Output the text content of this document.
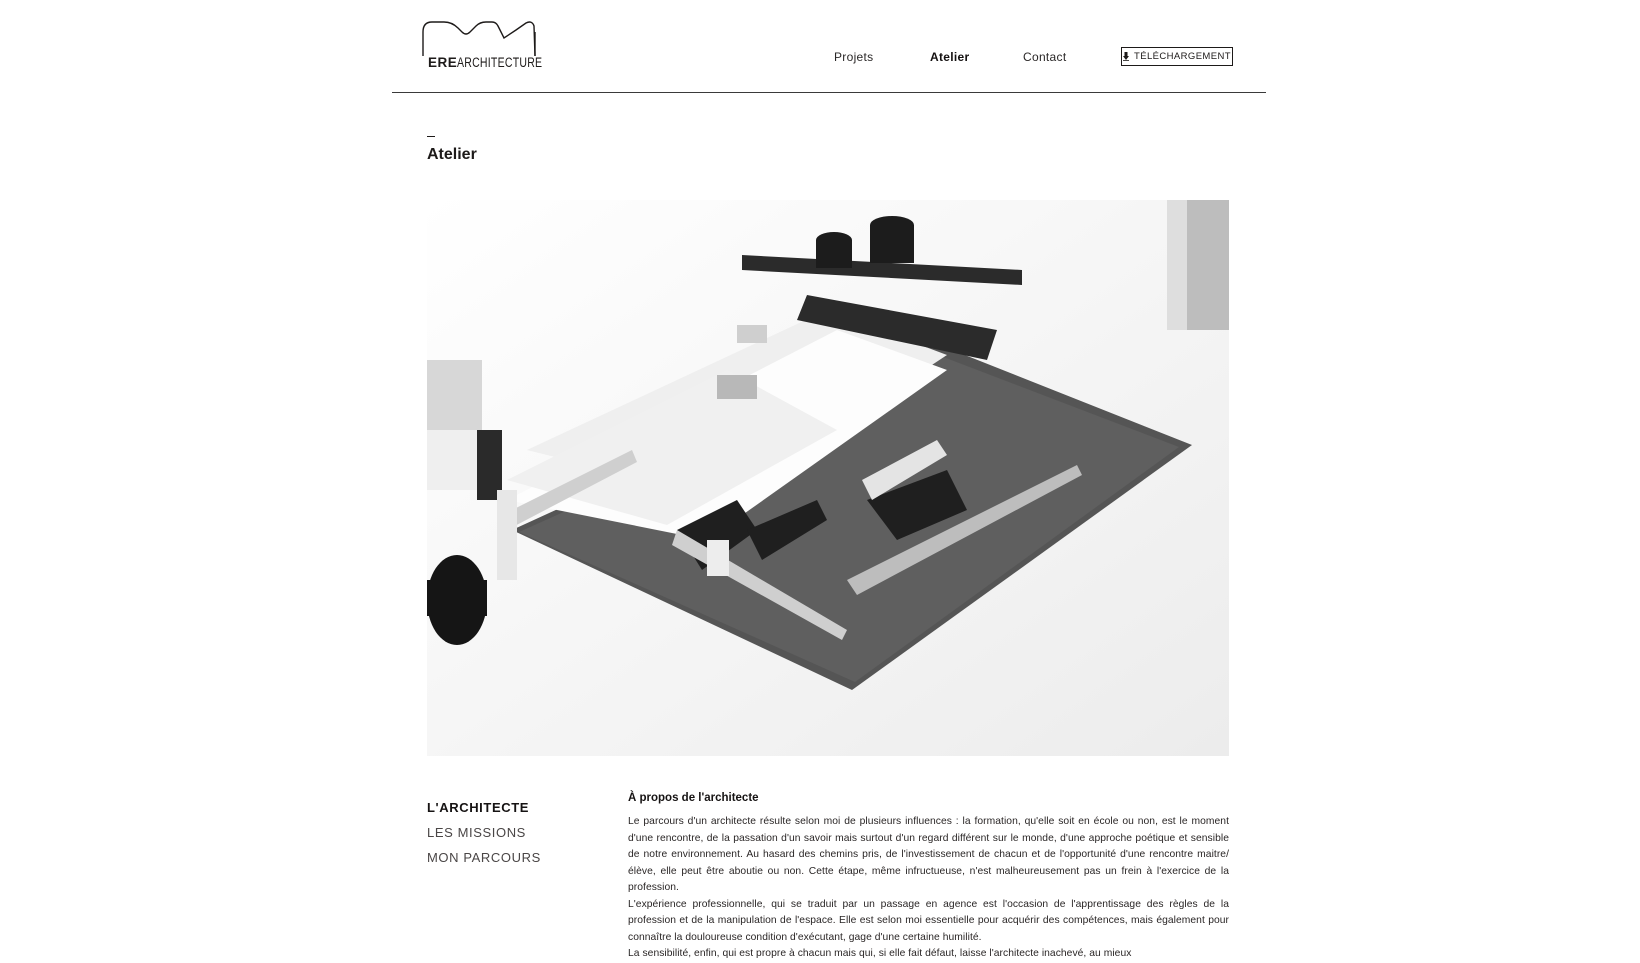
EREARCHITECTURE	Projets	Atelier	Contact	TÉLÉCHARGEMENT
Atelier
L'ARCHITECTE
LES MISSIONS
MON PARCOURS
À propos de l'architecte

Le parcours d'un architecte résulte selon moi de plusieurs influences : la formation, qu'elle soit en école ou non, est le moment d'une rencontre, de la passation d'un savoir mais surtout d'un regard différent sur le monde, d'une approche poétique et sensible de notre environnement. Au hasard des chemins pris, de l'investissement de chacun et de l'opportunité d'une rencontre maitre/élève, elle peut être aboutie ou non. Cette étape, même infructueuse, n'est malheureusement pas un frein à l'exercice de la profession.

L'expérience professionnelle, qui se traduit par un passage en agence est l'occasion de l'apprentissage des règles de la profession et de la manipulation de l'espace. Elle est selon moi essentielle pour acquérir des compétences, mais également pour connaître la douloureuse condition d'exécutant, gage d'une certaine humilité.

La sensibilité, enfin, qui est propre à chacun mais qui, si elle fait défaut, laisse l'architecte inachevé, au mieux
